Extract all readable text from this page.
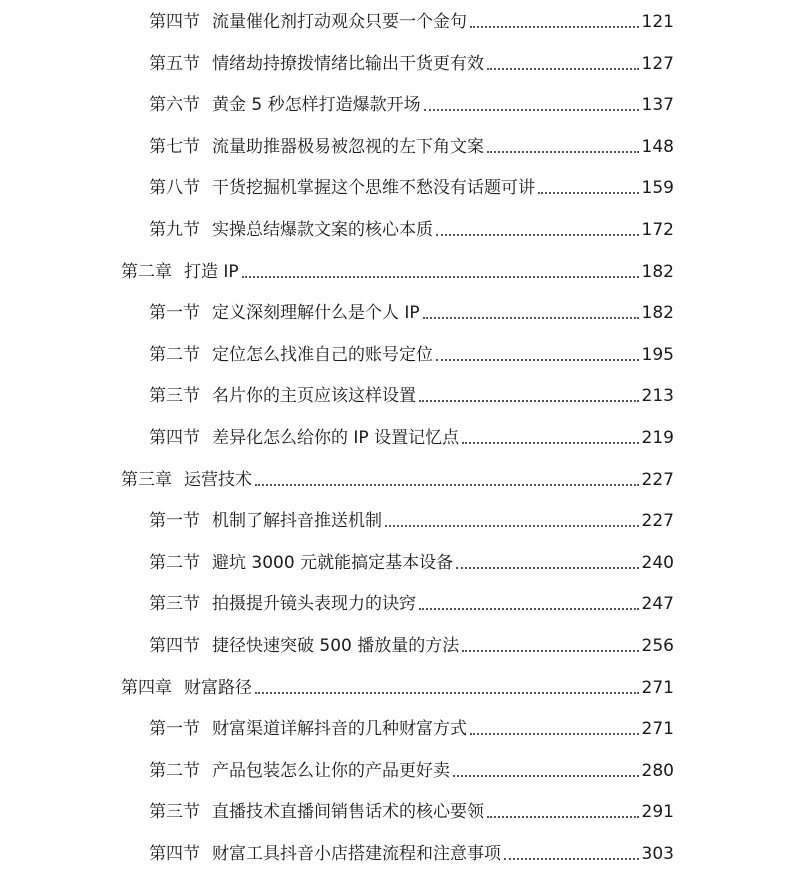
第四节 流量催化剂打动观众只要一个金句	121
第五节 情绪劫持撩拨情绪比输出干货更有效	127
第六节 黄金 5 秒怎样打造爆款开场	137
第七节 流量助推器极易被忽视的左下角文案	148
第八节 干货挖掘机掌握这个思维不愁没有话题可讲	159
第九节 实操总结爆款文案的核心本质	172
第二章 打造 IP	182
第一节 定义深刻理解什么是个人 IP	182
第二节 定位怎么找准自己的账号定位	195
第三节 名片你的主页应该这样设置	213
第四节 差异化怎么给你的 IP 设置记忆点	219
第三章 运营技术	227
第一节 机制了解抖音推送机制	227
第二节 避坑 3000 元就能搞定基本设备	240
第三节 拍摄提升镜头表现力的诀窍	247
第四节 捷径快速突破 500 播放量的方法	256
第四章 财富路径	271
第一节 财富渠道详解抖音的几种财富方式	271
第二节 产品包装怎么让你的产品更好卖	280
第三节 直播技术直播间销售话术的核心要领	291
第四节 财富工具抖音小店搭建流程和注意事项	303
